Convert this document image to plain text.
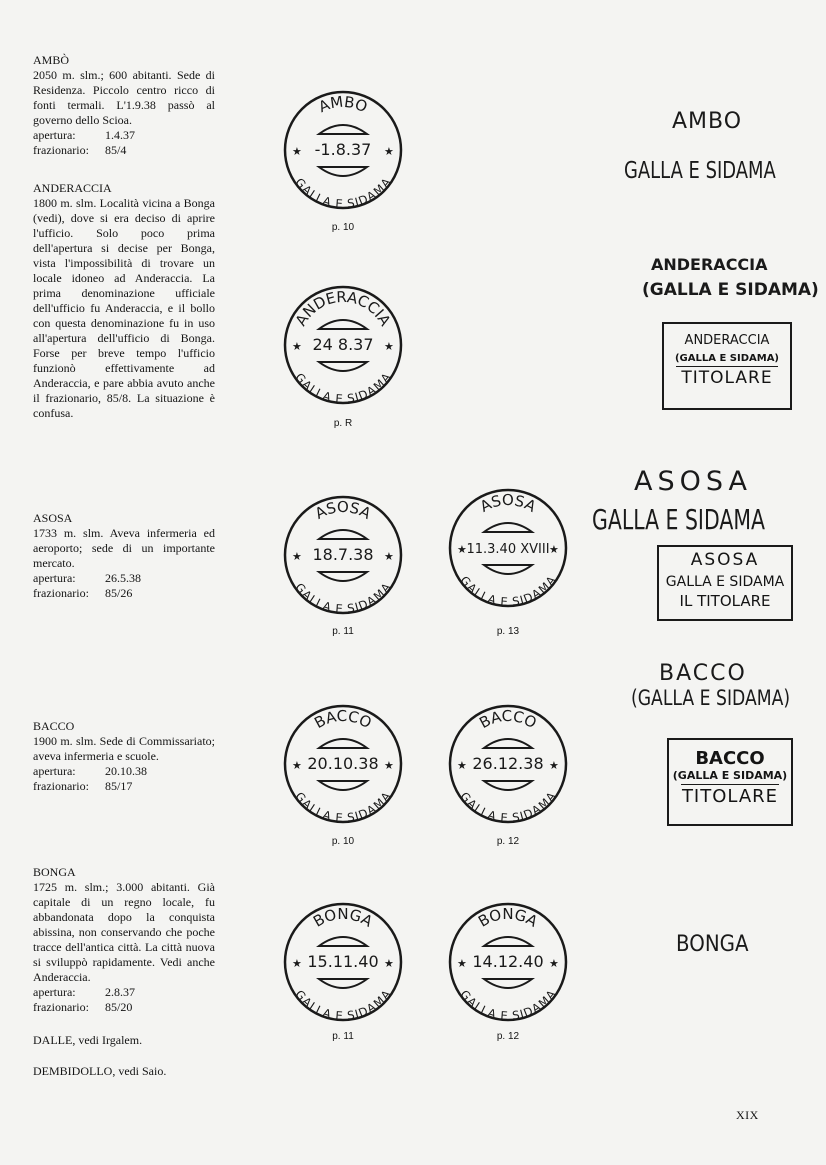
AMBÒ
2050 m. slm.; 600 abitanti. Sede di Residenza. Piccolo centro ricco di fonti termali. L'1.9.38 passò al governo dello Scioa.
apertura:	1.4.37
frazionario:	85/4
ANDERACCIA
1800 m. slm. Località vicina a Bonga (vedi), dove si era deciso di aprire l'ufficio. Solo poco prima dell'apertura si decise per Bonga, vista l'impossibilità di trovare un locale idoneo ad Anderaccia. La prima denominazione ufficiale dell'ufficio fu Anderaccia, e il bollo con questa denominazione fu in uso all'apertura dell'ufficio di Bonga. Forse per breve tempo l'ufficio funzionò effettivamente ad Anderaccia, e pare abbia avuto anche il frazionario, 85/8. La situazione è confusa.
ASOSA
1733 m. slm. Aveva infermeria ed aeroporto; sede di un importante mercato.
apertura:	26.5.38
frazionario:	85/26
BACCO
1900 m. slm. Sede di Commissariato; aveva infermeria e scuole.
apertura:	20.10.38
frazionario:	85/17
BONGA
1725 m. slm.; 3.000 abitanti. Già capitale di un regno locale, fu abbandonata dopo la conquista abissina, non conservando che poche tracce dell'antica città. La città nuova si sviluppò rapidamente. Vedi anche Anderaccia.
apertura:	2.8.37
frazionario:	85/20
DALLE, vedi Irgalem.
DEMBIDOLLO, vedi Saio.
AMBO
GALLA E SIDAMA
-1.8.37
★	★
p. 10
ANDERACCIA
GALLA E SIDAMA
24 8.37
★	★
p. R
ASOSA
GALLA E SIDAMA
18.7.38
★	★
p. 11
ASOSA
GALLA E SIDAMA
11.3.40 XVIII
★	★
p. 13
BACCO
GALLA E SIDAMA
20.10.38
★	★
p. 10
BACCO
GALLA E SIDAMA
26.12.38
★	★
p. 12
BONGA
GALLA E SIDAMA
15.11.40
★	★
p. 11
BONGA
GALLA E SIDAMA
14.12.40
★	★
p. 12
AMBO
GALLA E SIDAMA
ANDERACCIA
(GALLA E SIDAMA)
ANDERACCIA
(GALLA E SIDAMA)
TITOLARE
ASOSA
GALLA E SIDAMA
ASOSA
GALLA E SIDAMA
IL TITOLARE
BACCO
(GALLA E SIDAMA)
BACCO
(GALLA E SIDAMA)
TITOLARE
BONGA
XIX
